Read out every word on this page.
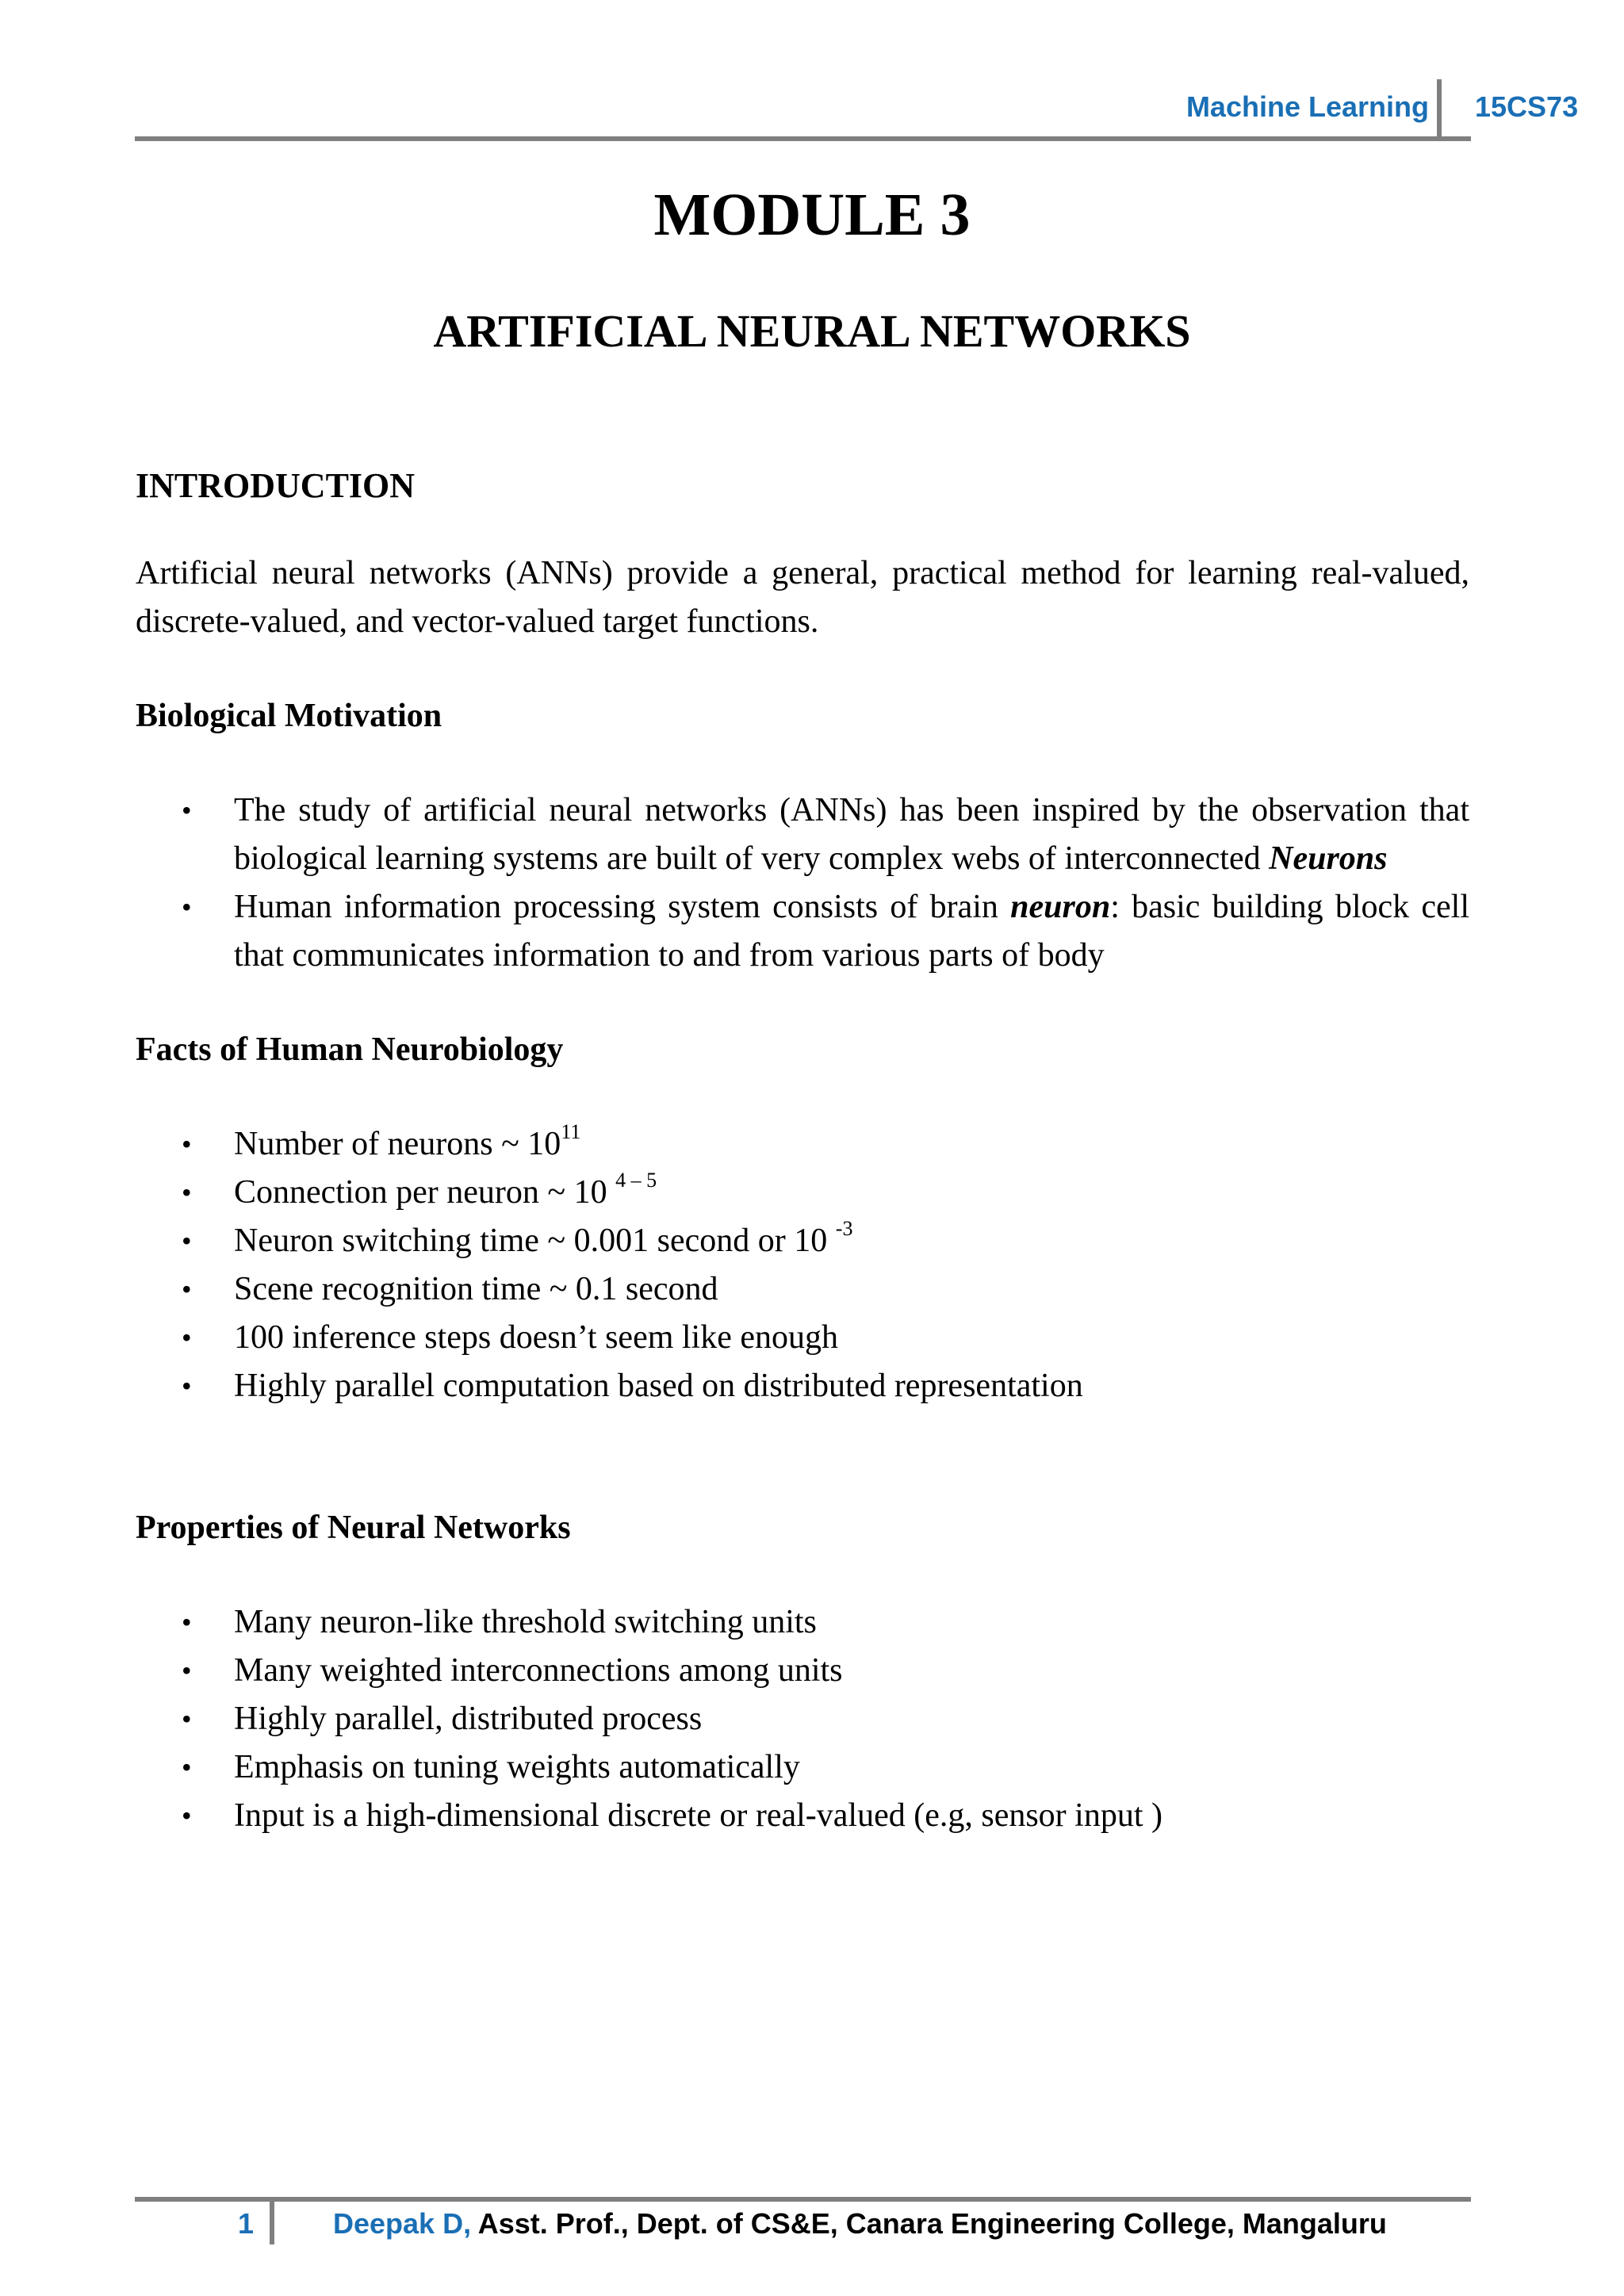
Machine Learning 15CS73
MODULE 3
ARTIFICIAL NEURAL NETWORKS
INTRODUCTION
Artificial neural networks (ANNs) provide a general, practical method for learning real-valued, discrete-valued, and vector-valued target functions.
Biological Motivation
• The study of artificial neural networks (ANNs) has been inspired by the observation that biological learning systems are built of very complex webs of interconnected Neurons
• Human information processing system consists of brain neuron: basic building block cell that communicates information to and from various parts of body
Facts of Human Neurobiology
• Number of neurons ~ $10^{11}$
• Connection per neuron ~ 10 $^{4 - 5}$
• Neuron switching time ~ 0.001 second or 10 $^{-3}$
• Scene recognition time ~ 0.1 second
• 100 inference steps doesn’t seem like enough
• Highly parallel computation based on distributed representation
Properties of Neural Networks
• Many neuron-like threshold switching units
• Many weighted interconnections among units
• Highly parallel, distributed process
• Emphasis on tuning weights automatically
• Input is a high-dimensional discrete or real-valued (e.g, sensor input )
1	Deepak D, Asst. Prof., Dept. of CS&E, Canara Engineering College, Mangaluru
